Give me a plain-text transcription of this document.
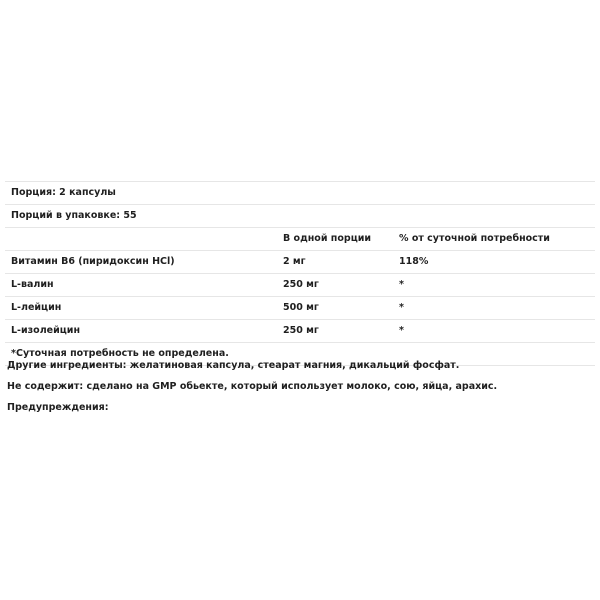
Порция: 2 капсулы		
Порций в упаковке: 55		
	В одной порции	% от суточной потребности
Витамин B6 (пиридоксин HCl)	2 мг	118%
L-валин	250 мг	*
L-лейцин	500 мг	*
L-изолейцин	250 мг	*
*Суточная потребность не определена.		
Другие ингредиенты: желатиновая капсула, стеарат магния, дикальций фосфат.
Не содержит: сделано на GMP обьекте, который использует молоко, сою, яйца, арахис.
Предупреждения:
